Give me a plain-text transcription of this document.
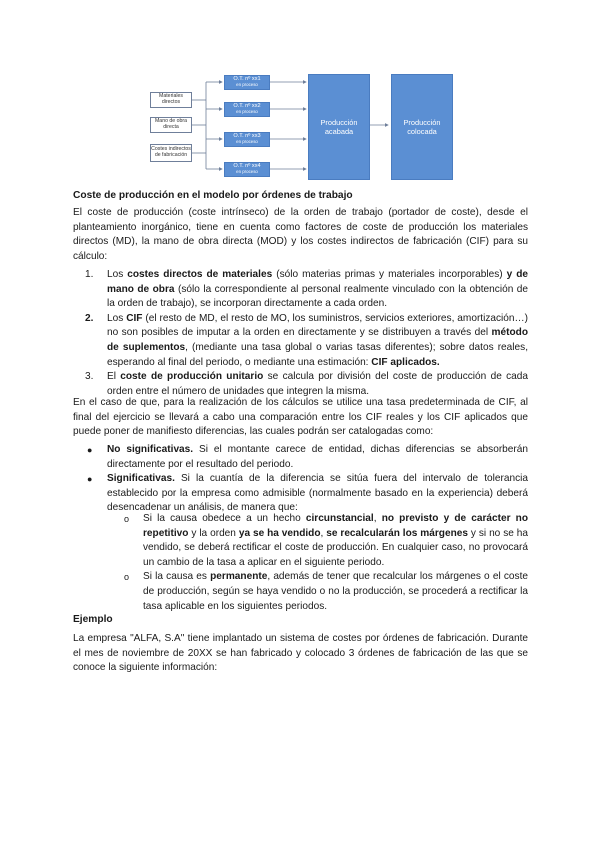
Materiales directos
Mano de obra directa
Costes indirectos de fabricación
O.T. nº xx1
en proceso
O.T. nº xx2
en proceso
O.T. nº xx3
en proceso
O.T. nº xx4
en proceso
Producción acabada
Producción colocada
Coste de producción en el modelo por órdenes de trabajo
El coste de producción (coste intrínseco) de la orden de trabajo (portador de coste), desde el planteamiento inorgánico, tiene en cuenta como factores de coste de producción los materiales directos (MD), la mano de obra directa (MOD) y los costes indirectos de fabricación (CIF) para su cálculo:
1. Los costes directos de materiales (sólo materias primas y materiales incorporables) y de mano de obra (sólo la correspondiente al personal realmente vinculado con la obtención de la orden de trabajo), se incorporan directamente a cada orden.
2. Los CIF (el resto de MD, el resto de MO, los suministros, servicios exteriores, amortización…) no son posibles de imputar a la orden en directamente y se distribuyen a través del método de suplementos, (mediante una tasa global o varias tasas diferentes); sobre datos reales, esperando al final del periodo, o mediante una estimación: CIF aplicados.
3. El coste de producción unitario se calcula por división del coste de producción de cada orden entre el número de unidades que integren la misma.
En el caso de que, para la realización de los cálculos se utilice una tasa predeterminada de CIF, al final del ejercicio se llevará a cabo una comparación entre los CIF reales y los CIF aplicados que puede poner de manifiesto diferencias, las cuales podrán ser catalogadas como:
● No significativas. Si el montante carece de entidad, dichas diferencias se absorberán directamente por el resultado del periodo.
● Significativas. Si la cuantía de la diferencia se sitúa fuera del intervalo de tolerancia establecido por la empresa como admisible (normalmente basado en la experiencia) deberá desencadenar un análisis, de manera que:
o Si la causa obedece a un hecho circunstancial, no previsto y de carácter no repetitivo y la orden ya se ha vendido, se recalcularán los márgenes y si no se ha vendido, se deberá rectificar el coste de producción. En cualquier caso, no provocará un cambio de la tasa a aplicar en el siguiente periodo.
o Si la causa es permanente, además de tener que recalcular los márgenes o el coste de producción, según se haya vendido o no la producción, se procederá a rectificar la tasa aplicable en los siguientes periodos.
Ejemplo
La empresa "ALFA, S.A" tiene implantado un sistema de costes por órdenes de fabricación. Durante el mes de noviembre de 20XX se han fabricado y colocado 3 órdenes de fabricación de las que se conoce la siguiente información:
